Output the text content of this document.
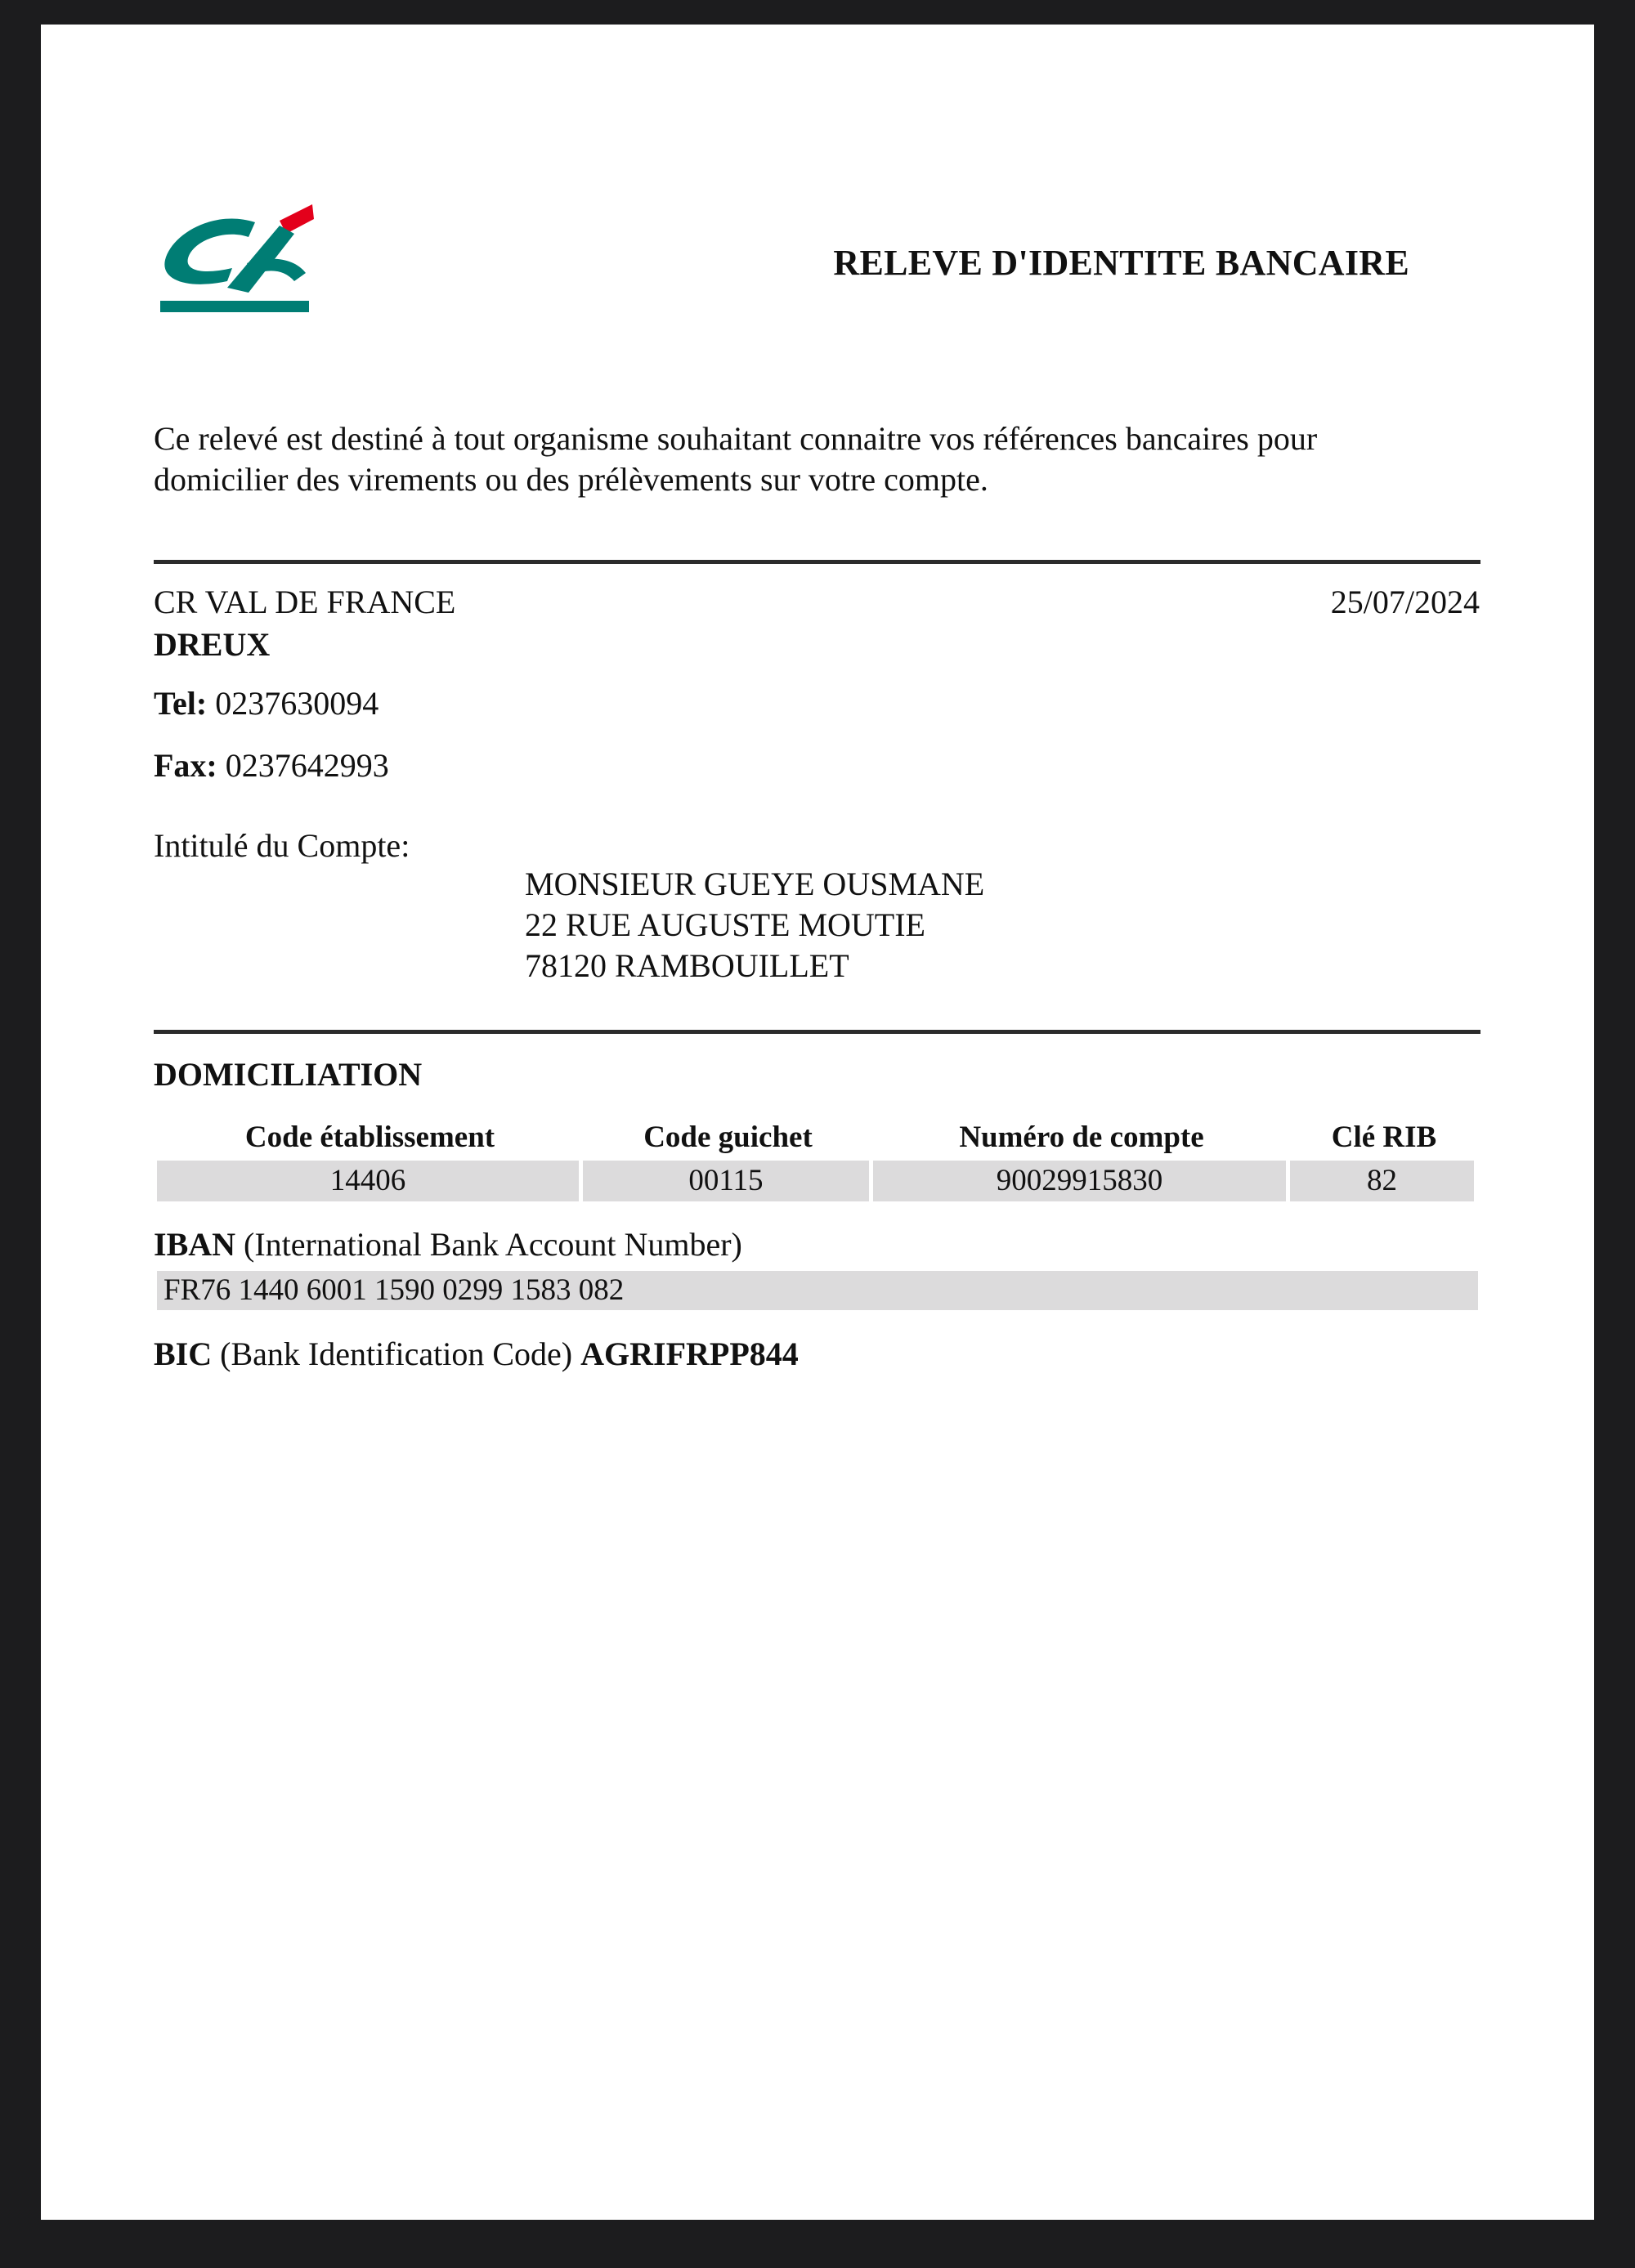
RELEVE D'IDENTITE BANCAIRE
Ce relevé est destiné à tout organisme souhaitant connaitre vos références bancaires pour
domicilier des virements ou des prélèvements sur votre compte.
CR VAL DE FRANCE
DREUX
25/07/2024
Tel: 0237630094
Fax: 0237642993
Intitulé du Compte:
MONSIEUR GUEYE OUSMANE
22 RUE AUGUSTE MOUTIE
78120 RAMBOUILLET
DOMICILIATION
Code établissement	Code guichet	Numéro de compte	Clé RIB
14406	00115	90029915830	82
IBAN (International Bank Account Number)
FR76 1440 6001 1590 0299 1583 082
BIC (Bank Identification Code) AGRIFRPP844
